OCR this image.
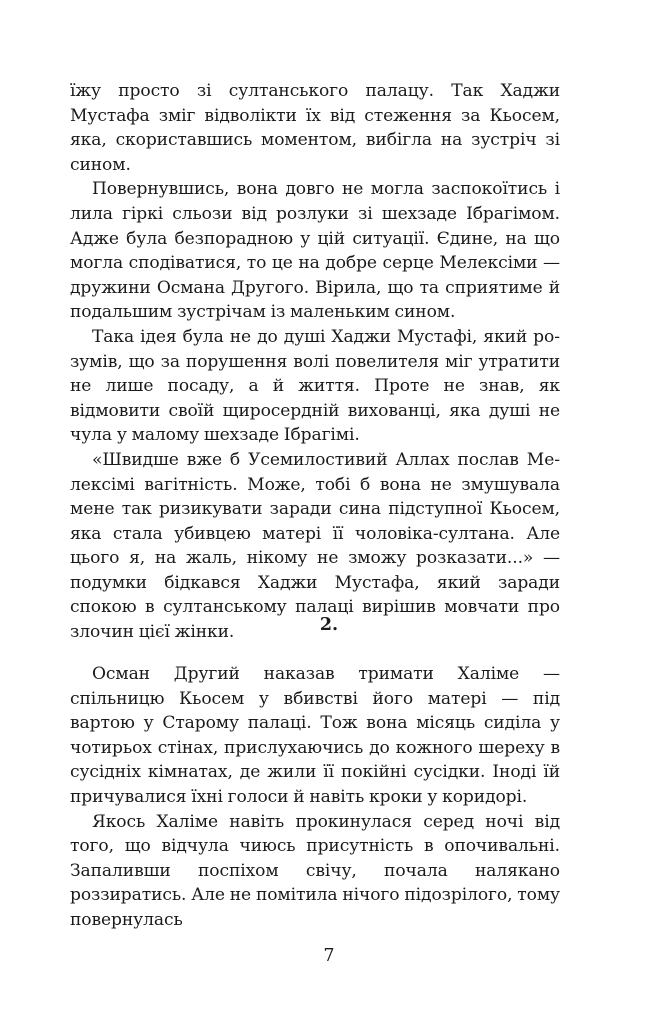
їжу просто зі султанського палацу. Так Хаджи Мустафа зміг відволікти їх від стеження за Кьосем, яка, скориставшись моментом, вибігла на зустріч зі сином.

Повернувшись, вона довго не могла заспокоїтись і лила гіркі сльози від розлуки зі шехзаде Ібрагімом. Адже була безпорадною у цій ситуації. Єдине, на що могла сподіватися, то це на добре серце Мелексіми — дружини Османа Другого. Вірила, що та сприятиме й подальшим зустрічам із маленьким сином.

Така ідея була не до душі Хаджи Мустафі, який розумів, що за порушення волі повелителя міг утратити не лише посаду, а й життя. Проте не знав, як відмовити своїй щиросердній вихованці, яка душі не чула у малому шехзаде Ібрагімі.

«Швидше вже б Усемилостивий Аллах послав Мелексімі вагітність. Може, тобі б вона не змушувала мене так ризикувати заради сина підступної Кьосем, яка стала убивцею матері її чоловіка-султана. Але цього я, на жаль, нікому не зможу розказати...» — подумки бідкався Хаджи Мустафа, який заради спокою в султанському палаці вирішив мовчати про злочин цієї жінки.	2.

Осман Другий наказав тримати Халіме — спільницю Кьосем у вбивстві його матері — під вартою у Старому палаці. Тож вона місяць сиділа у чотирьох стінах, прислухаючись до кожного шереху в сусідніх кімнатах, де жили її покійні сусідки. Іноді їй причувалися їхні голоси й навіть кроки у коридорі.

Якось Халіме навіть прокинулася серед ночі від того, що відчула чиюсь присутність в опочивальні. Запаливши поспіхом свічу, почала налякано роззиратись. Але не помітила нічого підозрілого, тому повернулась

7
